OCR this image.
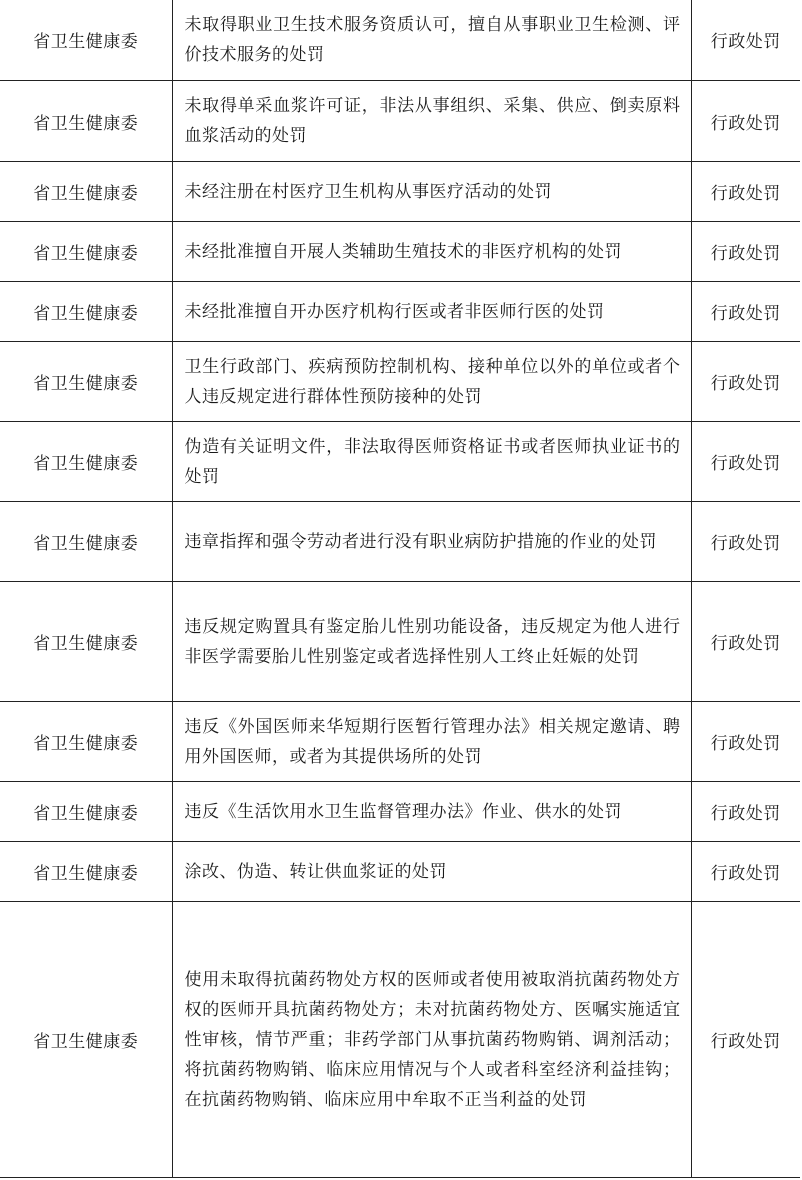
省卫生健康委	未取得职业卫生技术服务资质认可，擅自从事职业卫生检测、评价技术服务的处罚	行政处罚
省卫生健康委	未取得单采血浆许可证，非法从事组织、采集、供应、倒卖原料血浆活动的处罚	行政处罚
省卫生健康委	未经注册在村医疗卫生机构从事医疗活动的处罚	行政处罚
省卫生健康委	未经批准擅自开展人类辅助生殖技术的非医疗机构的处罚	行政处罚
省卫生健康委	未经批准擅自开办医疗机构行医或者非医师行医的处罚	行政处罚
省卫生健康委	卫生行政部门、疾病预防控制机构、接种单位以外的单位或者个人违反规定进行群体性预防接种的处罚	行政处罚
省卫生健康委	伪造有关证明文件，非法取得医师资格证书或者医师执业证书的处罚	行政处罚
省卫生健康委	违章指挥和强令劳动者进行没有职业病防护措施的作业的处罚	行政处罚
省卫生健康委	违反规定购置具有鉴定胎儿性别功能设备，违反规定为他人进行非医学需要胎儿性别鉴定或者选择性别人工终止妊娠的处罚	行政处罚
省卫生健康委	违反《外国医师来华短期行医暂行管理办法》相关规定邀请、聘用外国医师，或者为其提供场所的处罚	行政处罚
省卫生健康委	违反《生活饮用水卫生监督管理办法》作业、供水的处罚	行政处罚
省卫生健康委	涂改、伪造、转让供血浆证的处罚	行政处罚
省卫生健康委	使用未取得抗菌药物处方权的医师或者使用被取消抗菌药物处方权的医师开具抗菌药物处方；未对抗菌药物处方、医嘱实施适宜性审核，情节严重；非药学部门从事抗菌药物购销、调剂活动；将抗菌药物购销、临床应用情况与个人或者科室经济利益挂钩；在抗菌药物购销、临床应用中牟取不正当利益的处罚	行政处罚
